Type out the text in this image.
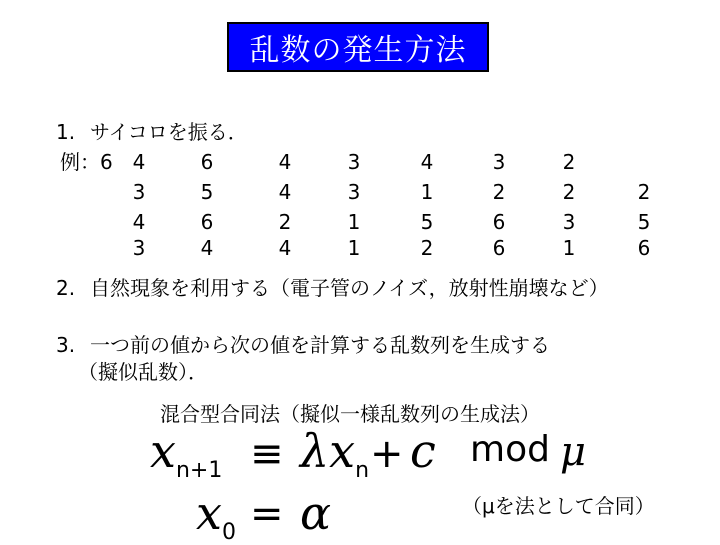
乱数の発生方法
1. サイコロを振る．
例：6 4	6	4	3	4	3	2
3	5	4	3	1	2	2	2
4	6	2	1	5	6	3	5
3	4	4	1	2	6	1	6
2. 自然現象を利用する（電子管のノイズ，放射性崩壊など）
3. 一つ前の値から次の値を計算する乱数列を生成する
（擬似乱数）．
混合型合同法（擬似一様乱数列の生成法）
$x_{n+1} \equiv \lambda x_n + c$ mod μ
$x_0 = \alpha$	（μを法として合同）
